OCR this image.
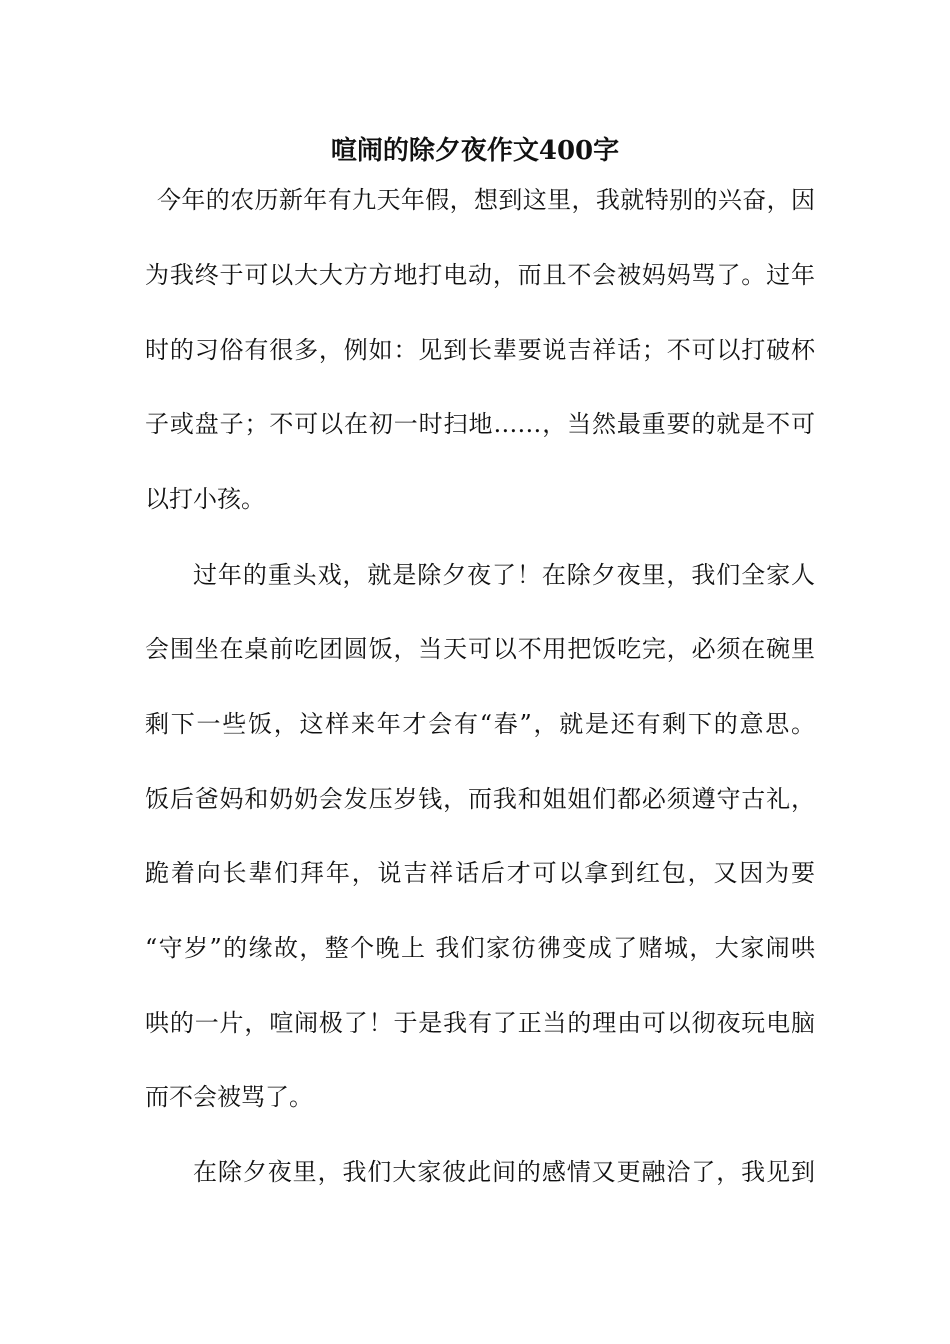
喧闹的除夕夜作文400字
今年的农历新年有九天年假，想到这里，我就特别的兴奋，因
为我终于可以大大方方地打电动，而且不会被妈妈骂了。过年
时的习俗有很多，例如：见到长辈要说吉祥话；不可以打破杯
子或盘子；不可以在初一时扫地……，当然最重要的就是不可
以打小孩。
过年的重头戏，就是除夕夜了！在除夕夜里，我们全家人
会围坐在桌前吃团圆饭，当天可以不用把饭吃完，必须在碗里
剩下一些饭，这样来年才会有“春”，就是还有剩下的意思。
饭后爸妈和奶奶会发压岁钱，而我和姐姐们都必须遵守古礼，
跪着向长辈们拜年，说吉祥话后才可以拿到红包，又因为要
“守岁”的缘故，整个晚上 我们家彷彿变成了赌城，大家闹哄
哄的一片，喧闹极了！于是我有了正当的理由可以彻夜玩电脑
而不会被骂了。
在除夕夜里，我们大家彼此间的感情又更融洽了，我见到
